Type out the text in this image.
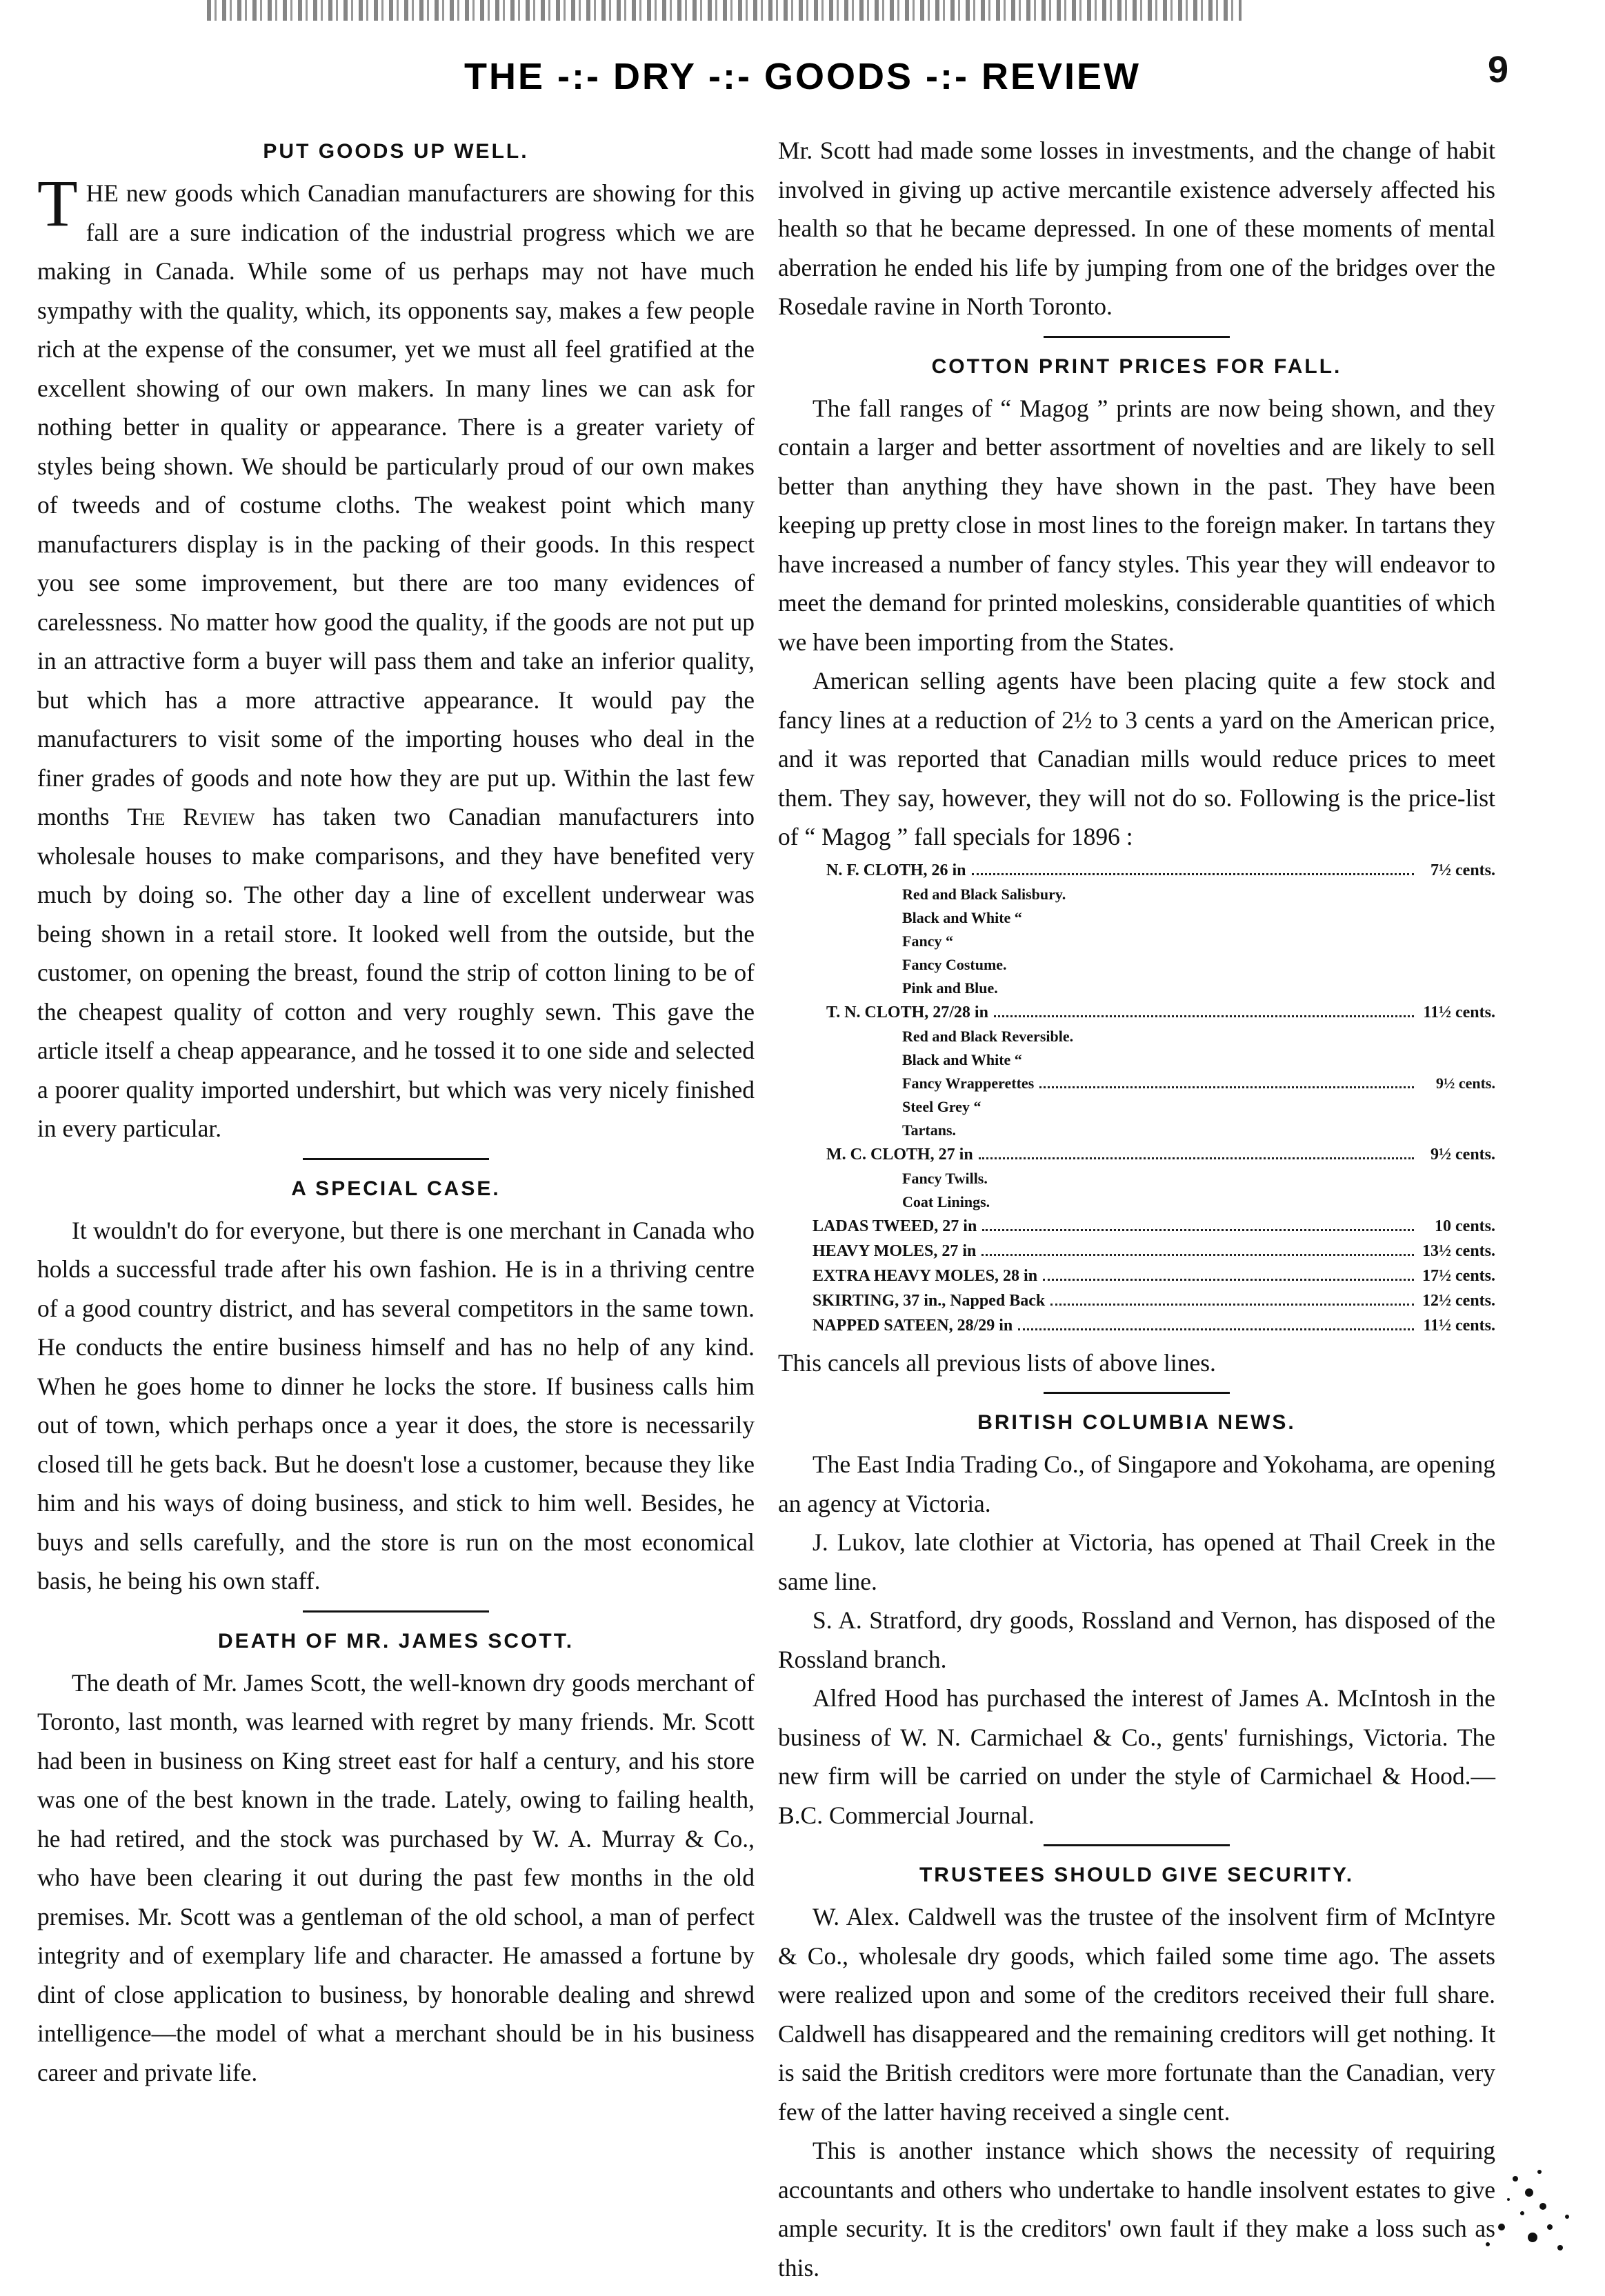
THE -:- DRY -:- GOODS -:- REVIEW	9
PUT GOODS UP WELL.

THE new goods which Canadian manufacturers are showing for this fall are a sure indication of the industrial progress which we are making in Canada. While some of us perhaps may not have much sympathy with the quality, which, its opponents say, makes a few people rich at the expense of the consumer, yet we must all feel gratified at the excellent showing of our own makers. In many lines we can ask for nothing better in quality or appearance. There is a greater variety of styles being shown. We should be particularly proud of our own makes of tweeds and of costume cloths. The weakest point which many manufacturers display is in the packing of their goods. In this respect you see some improvement, but there are too many evidences of carelessness. No matter how good the quality, if the goods are not put up in an attractive form a buyer will pass them and take an inferior quality, but which has a more attractive appearance. It would pay the manufacturers to visit some of the importing houses who deal in the finer grades of goods and note how they are put up. Within the last few months The Review has taken two Canadian manufacturers into wholesale houses to make comparisons, and they have benefited very much by doing so. The other day a line of excellent underwear was being shown in a retail store. It looked well from the outside, but the customer, on opening the breast, found the strip of cotton lining to be of the cheapest quality of cotton and very roughly sewn. This gave the article itself a cheap appearance, and he tossed it to one side and selected a poorer quality imported undershirt, but which was very nicely finished in every particular.

A SPECIAL CASE.

It wouldn't do for everyone, but there is one merchant in Canada who holds a successful trade after his own fashion. He is in a thriving centre of a good country district, and has several competitors in the same town. He conducts the entire business himself and has no help of any kind. When he goes home to dinner he locks the store. If business calls him out of town, which perhaps once a year it does, the store is necessarily closed till he gets back. But he doesn't lose a customer, because they like him and his ways of doing business, and stick to him well. Besides, he buys and sells carefully, and the store is run on the most economical basis, he being his own staff.

DEATH OF MR. JAMES SCOTT.

The death of Mr. James Scott, the well-known dry goods merchant of Toronto, last month, was learned with regret by many friends. Mr. Scott had been in business on King street east for half a century, and his store was one of the best known in the trade. Lately, owing to failing health, he had retired, and the stock was purchased by W. A. Murray & Co., who have been clearing it out during the past few months in the old premises. Mr. Scott was a gentleman of the old school, a man of perfect integrity and of exemplary life and character. He amassed a fortune by dint of close application to business, by honorable dealing and shrewd intelligence—the model of what a merchant should be in his business career and private life.

Mr. Scott had made some losses in investments, and the change of habit involved in giving up active mercantile existence adversely affected his health so that he became depressed. In one of these moments of mental aberration he ended his life by jumping from one of the bridges over the Rosedale ravine in North Toronto.

COTTON PRINT PRICES FOR FALL.

The fall ranges of “ Magog ” prints are now being shown, and they contain a larger and better assortment of novelties and are likely to sell better than anything they have shown in the past. They have been keeping up pretty close in most lines to the foreign maker. In tartans they have increased a number of fancy styles. This year they will endeavor to meet the demand for printed moleskins, considerable quantities of which we have been importing from the States.

American selling agents have been placing quite a few stock and fancy lines at a reduction of 2½ to 3 cents a yard on the American price, and it was reported that Canadian mills would reduce prices to meet them. They say, however, they will not do so. Following is the price-list of “ Magog ” fall specials for 1896 :

N. F. CLOTH, 26 in	7½ cents.
Red and Black Salisbury.
Black and White “
Fancy “
Fancy Costume.
Pink and Blue.
T. N. CLOTH, 27/28 in	11½ cents.
Red and Black Reversible.
Black and White “
Fancy Wrapperettes	9½ cents.
Steel Grey “
Tartans.
M. C. CLOTH, 27 in	9½ cents.
Fancy Twills.
Coat Linings.
LADAS TWEED, 27 in	10 cents.
HEAVY MOLES, 27 in	13½ cents.
EXTRA HEAVY MOLES, 28 in	17½ cents.
SKIRTING, 37 in., Napped Back	12½ cents.
NAPPED SATEEN, 28/29 in	11½ cents.

This cancels all previous lists of above lines.

BRITISH COLUMBIA NEWS.

The East India Trading Co., of Singapore and Yokohama, are opening an agency at Victoria.

J. Lukov, late clothier at Victoria, has opened at Thail Creek in the same line.

S. A. Stratford, dry goods, Rossland and Vernon, has disposed of the Rossland branch.

Alfred Hood has purchased the interest of James A. McIntosh in the business of W. N. Carmichael & Co., gents' furnishings, Victoria. The new firm will be carried on under the style of Carmichael & Hood.—B.C. Commercial Journal.

TRUSTEES SHOULD GIVE SECURITY.

W. Alex. Caldwell was the trustee of the insolvent firm of McIntyre & Co., wholesale dry goods, which failed some time ago. The assets were realized upon and some of the creditors received their full share. Caldwell has disappeared and the remaining creditors will get nothing. It is said the British creditors were more fortunate than the Canadian, very few of the latter having received a single cent.

This is another instance which shows the necessity of requiring accountants and others who undertake to handle insolvent estates to give ample security. It is the creditors' own fault if they make a loss such as this.
